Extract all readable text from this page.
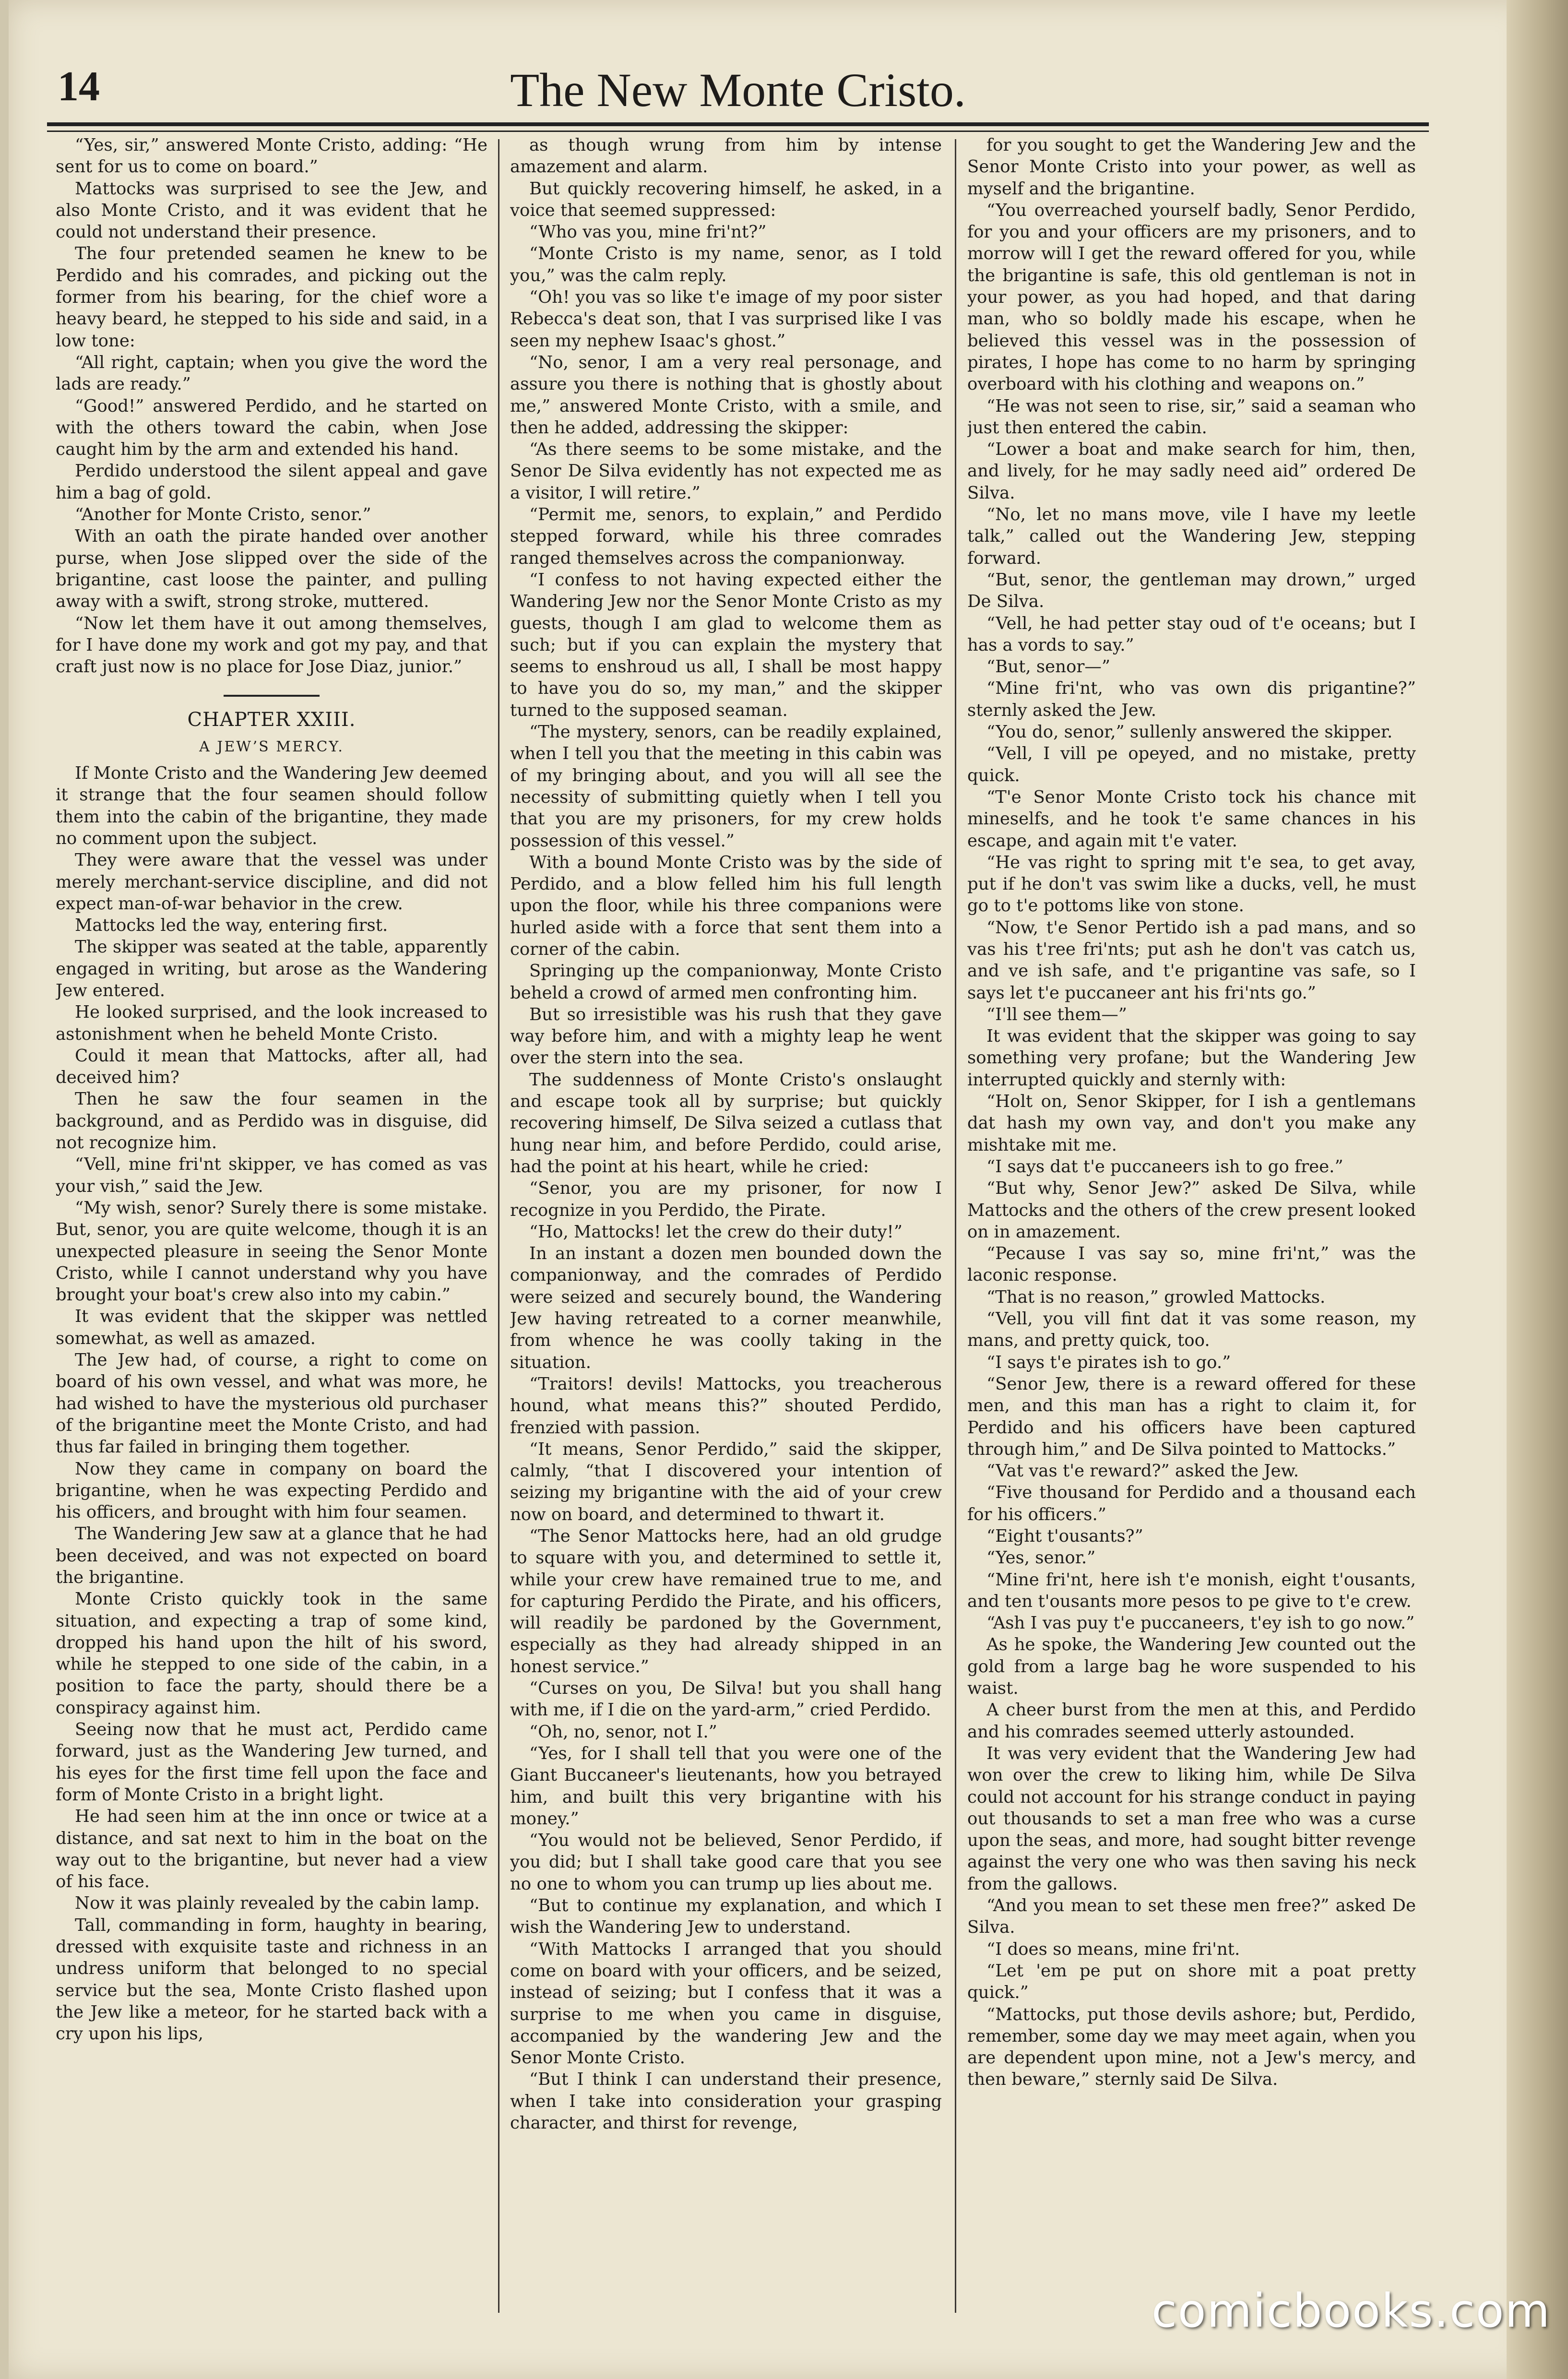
14	The New Monte Cristo.

“Yes, sir,” answered Monte Cristo, adding: “He sent for us to come on board.”

Mattocks was surprised to see the Jew, and also Monte Cristo, and it was evident that he could not understand their presence.

The four pretended seamen he knew to be Perdido and his comrades, and picking out the former from his bearing, for the chief wore a heavy beard, he stepped to his side and said, in a low tone:

“All right, captain; when you give the word the lads are ready.”

“Good!” answered Perdido, and he started on with the others toward the cabin, when Jose caught him by the arm and extended his hand.

Perdido understood the silent appeal and gave him a bag of gold.

“Another for Monte Cristo, senor.”

With an oath the pirate handed over another purse, when Jose slipped over the side of the brigantine, cast loose the painter, and pulling away with a swift, strong stroke, muttered.

“Now let them have it out among themselves, for I have done my work and got my pay, and that craft just now is no place for Jose Diaz, junior.”

CHAPTER XXIII.
A JEW’S MERCY.

If Monte Cristo and the Wandering Jew deemed it strange that the four seamen should follow them into the cabin of the brigantine, they made no comment upon the subject.

They were aware that the vessel was under merely merchant-service discipline, and did not expect man-of-war behavior in the crew.

Mattocks led the way, entering first.

The skipper was seated at the table, apparently engaged in writing, but arose as the Wandering Jew entered.

He looked surprised, and the look increased to astonishment when he beheld Monte Cristo.

Could it mean that Mattocks, after all, had deceived him?

Then he saw the four seamen in the background, and as Perdido was in disguise, did not recognize him.

“Vell, mine fri'nt skipper, ve has comed as vas your vish,” said the Jew.

“My wish, senor? Surely there is some mistake. But, senor, you are quite welcome, though it is an unexpected pleasure in seeing the Senor Monte Cristo, while I cannot understand why you have brought your boat's crew also into my cabin.”

It was evident that the skipper was nettled somewhat, as well as amazed.

The Jew had, of course, a right to come on board of his own vessel, and what was more, he had wished to have the mysterious old purchaser of the brigantine meet the Monte Cristo, and had thus far failed in bringing them together.

Now they came in company on board the brigantine, when he was expecting Perdido and his officers, and brought with him four seamen.

The Wandering Jew saw at a glance that he had been deceived, and was not expected on board the brigantine.

Monte Cristo quickly took in the same situation, and expecting a trap of some kind, dropped his hand upon the hilt of his sword, while he stepped to one side of the cabin, in a position to face the party, should there be a conspiracy against him.

Seeing now that he must act, Perdido came forward, just as the Wandering Jew turned, and his eyes for the first time fell upon the face and form of Monte Cristo in a bright light.

He had seen him at the inn once or twice at a distance, and sat next to him in the boat on the way out to the brigantine, but never had a view of his face.

Now it was plainly revealed by the cabin lamp.

Tall, commanding in form, haughty in bearing, dressed with exquisite taste and richness in an undress uniform that belonged to no special service but the sea, Monte Cristo flashed upon the Jew like a meteor, for he started back with a cry upon his lips,

as though wrung from him by intense amazement and alarm.

But quickly recovering himself, he asked, in a voice that seemed suppressed:

“Who vas you, mine fri'nt?”

“Monte Cristo is my name, senor, as I told you,” was the calm reply.

“Oh! you vas so like t'e image of my poor sister Rebecca's deat son, that I vas surprised like I vas seen my nephew Isaac's ghost.”

“No, senor, I am a very real personage, and assure you there is nothing that is ghostly about me,” answered Monte Cristo, with a smile, and then he added, addressing the skipper:

“As there seems to be some mistake, and the Senor De Silva evidently has not expected me as a visitor, I will retire.”

“Permit me, senors, to explain,” and Perdido stepped forward, while his three comrades ranged themselves across the companionway.

“I confess to not having expected either the Wandering Jew nor the Senor Monte Cristo as my guests, though I am glad to welcome them as such; but if you can explain the mystery that seems to enshroud us all, I shall be most happy to have you do so, my man,” and the skipper turned to the supposed seaman.

“The mystery, senors, can be readily explained, when I tell you that the meeting in this cabin was of my bringing about, and you will all see the necessity of submitting quietly when I tell you that you are my prisoners, for my crew holds possession of this vessel.”

With a bound Monte Cristo was by the side of Perdido, and a blow felled him his full length upon the floor, while his three companions were hurled aside with a force that sent them into a corner of the cabin.

Springing up the companionway, Monte Cristo beheld a crowd of armed men confronting him.

But so irresistible was his rush that they gave way before him, and with a mighty leap he went over the stern into the sea.

The suddenness of Monte Cristo's onslaught and escape took all by surprise; but quickly recovering himself, De Silva seized a cutlass that hung near him, and before Perdido, could arise, had the point at his heart, while he cried:

“Senor, you are my prisoner, for now I recognize in you Perdido, the Pirate.

“Ho, Mattocks! let the crew do their duty!”

In an instant a dozen men bounded down the companionway, and the comrades of Perdido were seized and securely bound, the Wandering Jew having retreated to a corner meanwhile, from whence he was coolly taking in the situation.

“Traitors! devils! Mattocks, you treacherous hound, what means this?” shouted Perdido, frenzied with passion.

“It means, Senor Perdido,” said the skipper, calmly, “that I discovered your intention of seizing my brigantine with the aid of your crew now on board, and determined to thwart it.

“The Senor Mattocks here, had an old grudge to square with you, and determined to settle it, while your crew have remained true to me, and for capturing Perdido the Pirate, and his officers, will readily be pardoned by the Government, especially as they had already shipped in an honest service.”

“Curses on you, De Silva! but you shall hang with me, if I die on the yard-arm,” cried Perdido.

“Oh, no, senor, not I.”

“Yes, for I shall tell that you were one of the Giant Buccaneer's lieutenants, how you betrayed him, and built this very brigantine with his money.”

“You would not be believed, Senor Perdido, if you did; but I shall take good care that you see no one to whom you can trump up lies about me.

“But to continue my explanation, and which I wish the Wandering Jew to understand.

“With Mattocks I arranged that you should come on board with your officers, and be seized, instead of seizing; but I confess that it was a surprise to me when you came in disguise, accompanied by the wandering Jew and the Senor Monte Cristo.

“But I think I can understand their presence, when I take into consideration your grasping character, and thirst for revenge,

for you sought to get the Wandering Jew and the Senor Monte Cristo into your power, as well as myself and the brigantine.

“You overreached yourself badly, Senor Perdido, for you and your officers are my prisoners, and to morrow will I get the reward offered for you, while the brigantine is safe, this old gentleman is not in your power, as you had hoped, and that daring man, who so boldly made his escape, when he believed this vessel was in the possession of pirates, I hope has come to no harm by springing overboard with his clothing and weapons on.”

“He was not seen to rise, sir,” said a seaman who just then entered the cabin.

“Lower a boat and make search for him, then, and lively, for he may sadly need aid” ordered De Silva.

“No, let no mans move, vile I have my leetle talk,” called out the Wandering Jew, stepping forward.

“But, senor, the gentleman may drown,” urged De Silva.

“Vell, he had petter stay oud of t'e oceans; but I has a vords to say.”

“But, senor—”

“Mine fri'nt, who vas own dis prigantine?” sternly asked the Jew.

“You do, senor,” sullenly answered the skipper.

“Vell, I vill pe opeyed, and no mistake, pretty quick.

“T'e Senor Monte Cristo tock his chance mit mineselfs, and he took t'e same chances in his escape, and again mit t'e vater.

“He vas right to spring mit t'e sea, to get avay, put if he don't vas swim like a ducks, vell, he must go to t'e pottoms like von stone.

“Now, t'e Senor Pertido ish a pad mans, and so vas his t'ree fri'nts; put ash he don't vas catch us, and ve ish safe, and t'e prigantine vas safe, so I says let t'e puccaneer ant his fri'nts go.”

“I'll see them—”

It was evident that the skipper was going to say something very profane; but the Wandering Jew interrupted quickly and sternly with:

“Holt on, Senor Skipper, for I ish a gentlemans dat hash my own vay, and don't you make any mishtake mit me.

“I says dat t'e puccaneers ish to go free.”

“But why, Senor Jew?” asked De Silva, while Mattocks and the others of the crew present looked on in amazement.

“Pecause I vas say so, mine fri'nt,” was the laconic response.

“That is no reason,” growled Mattocks.

“Vell, you vill fint dat it vas some reason, my mans, and pretty quick, too.

“I says t'e pirates ish to go.”

“Senor Jew, there is a reward offered for these men, and this man has a right to claim it, for Perdido and his officers have been captured through him,” and De Silva pointed to Mattocks.”

“Vat vas t'e reward?” asked the Jew.

“Five thousand for Perdido and a thousand each for his officers.”

“Eight t'ousants?”

“Yes, senor.”

“Mine fri'nt, here ish t'e monish, eight t'ousants, and ten t'ousants more pesos to pe give to t'e crew.

“Ash I vas puy t'e puccaneers, t'ey ish to go now.”

As he spoke, the Wandering Jew counted out the gold from a large bag he wore suspended to his waist.

A cheer burst from the men at this, and Perdido and his comrades seemed utterly astounded.

It was very evident that the Wandering Jew had won over the crew to liking him, while De Silva could not account for his strange conduct in paying out thousands to set a man free who was a curse upon the seas, and more, had sought bitter revenge against the very one who was then saving his neck from the gallows.

“And you mean to set these men free?” asked De Silva.

“I does so means, mine fri'nt.

“Let 'em pe put on shore mit a poat pretty quick.”

“Mattocks, put those devils ashore; but, Perdido, remember, some day we may meet again, when you are dependent upon mine, not a Jew's mercy, and then beware,” sternly said De Silva.

comicbooks.com
